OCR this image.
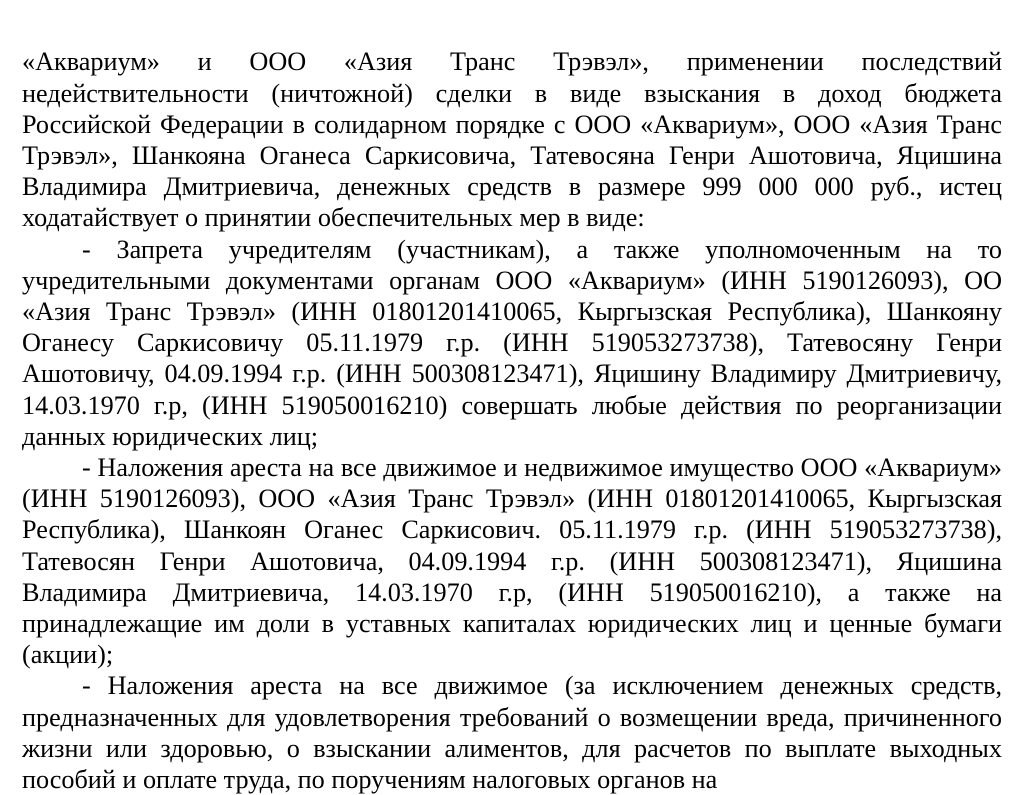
«Аквариум» и ООО «Азия Транс Трэвэл», применении последствий недействительности (ничтожной) сделки в виде взыскания в доход бюджета Российской Федерации в солидарном порядке с ООО «Аквариум», ООО «Азия Транс Трэвэл», Шанкояна Оганеса Саркисовича, Татевосяна Генри Ашотовича, Яцишина Владимира Дмитриевича, денежных средств в размере 999 000 000 руб., истец ходатайствует о принятии обеспечительных мер в виде:

- Запрета учредителям (участникам), а также уполномоченным на то учредительными документами органам ООО «Аквариум» (ИНН 5190126093), ОО «Азия Транс Трэвэл» (ИНН 01801201410065, Кыргызская Республика), Шанкояну Оганесу Саркисовичу 05.11.1979 г.р. (ИНН 519053273738), Татевосяну Генри Ашотовичу, 04.09.1994 г.р. (ИНН 500308123471), Яцишину Владимиру Дмитриевичу, 14.03.1970 г.р, (ИНН 519050016210) совершать любые действия по реорганизации данных юридических лиц;

- Наложения ареста на все движимое и недвижимое имущество ООО «Аквариум» (ИНН 5190126093), ООО «Азия Транс Трэвэл» (ИНН 01801201410065, Кыргызская Республика), Шанкоян Оганес Саркисович. 05.11.1979 г.р. (ИНН 519053273738), Татевосян Генри Ашотовича, 04.09.1994 г.р. (ИНН 500308123471), Яцишина Владимира Дмитриевича, 14.03.1970 г.р, (ИНН 519050016210), а также на принадлежащие им доли в уставных капиталах юридических лиц и ценные бумаги (акции);

- Наложения ареста на все движимое (за исключением денежных средств, предназначенных для удовлетворения требований о возмещении вреда, причиненного жизни или здоровью, о взыскании алиментов, для расчетов по выплате выходных пособий и оплате труда, по поручениям налоговых органов на
